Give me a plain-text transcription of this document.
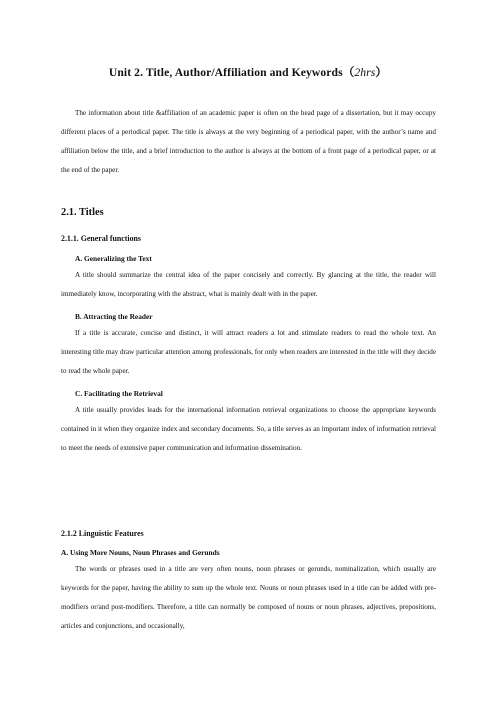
Unit 2. Title, Author/Affiliation and Keywords（2hrs）
The information about title &affiliation of an academic paper is often on the head page of a dissertation, but it may occupy different places of a periodical paper. The title is always at the very beginning of a periodical paper, with the author’s name and affiliation below the title, and a brief introduction to the author is always at the bottom of a front page of a periodical paper, or at the end of the paper.
2.1. Titles
2.1.1. General functions
A. Generalizing the Text
A title should summarize the central idea of the paper concisely and correctly. By glancing at the title, the reader will immediately know, incorporating with the abstract, what is mainly dealt with in the paper.
B. Attracting the Reader
If a title is accurate, concise and distinct, it will attract readers a lot and stimulate readers to read the whole text. An interesting title may draw particular attention among professionals, for only when readers are interested in the title will they decide to read the whole paper.
C. Facilitating the Retrieval
A title usually provides leads for the international information retrieval organizations to choose the appropriate keywords contained in it when they organize index and secondary documents. So, a title serves as an important index of information retrieval to meet the needs of extensive paper communication and information dissemination.
2.1.2 Linguistic Features
A. Using More Nouns, Noun Phrases and Gerunds
The words or phrases used in a title are very often nouns, noun phrases or gerunds, nominalization, which usually are keywords for the paper, having the ability to sum up the whole text. Nouns or noun phrases used in a title can be added with pre-modifiers or/and post-modifiers. Therefore, a title can normally be composed of nouns or noun phrases, adjectives, prepositions, articles and conjunctions, and occasionally,
